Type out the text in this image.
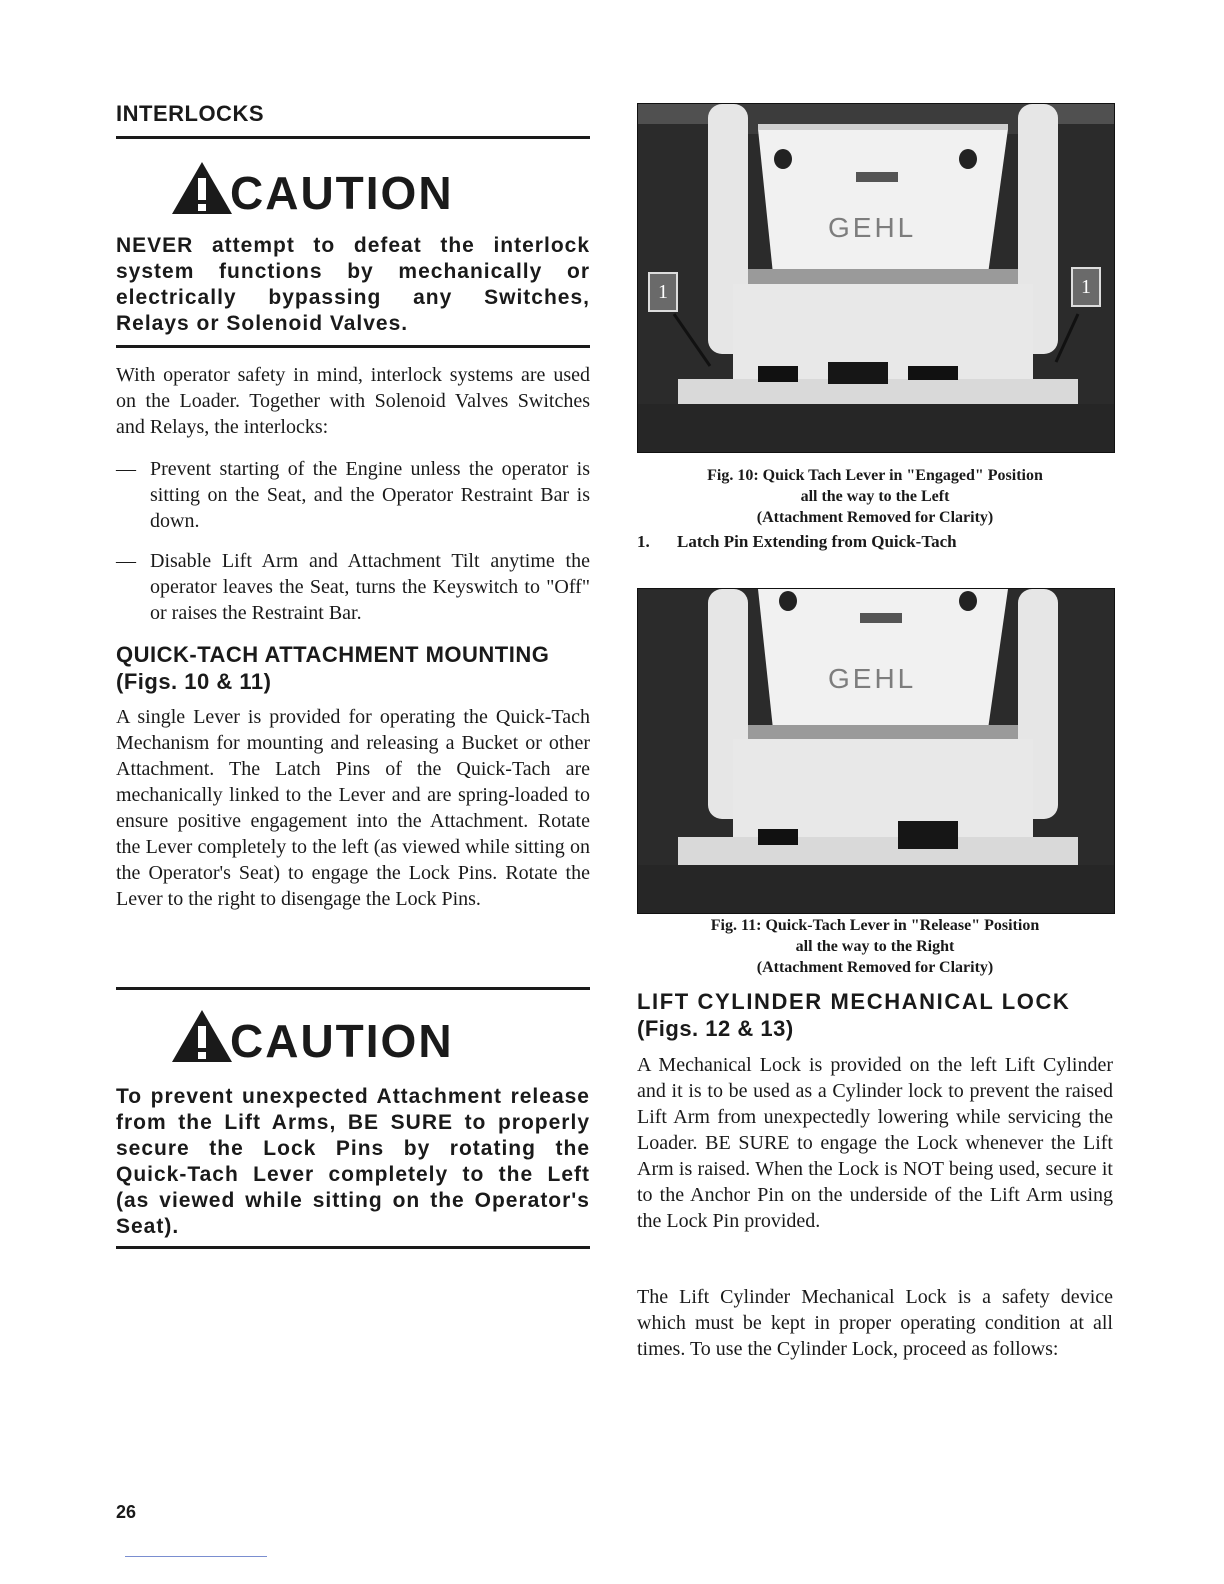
INTERLOCKS
CAUTION

NEVER attempt to defeat the interlock system functions by mechanically or electrically bypassing any Switches, Relays or Solenoid Valves.

With operator safety in mind, interlock systems are used on the Loader. Together with Solenoid Valves Switches and Relays, the interlocks:

— Prevent starting of the Engine unless the operator is sitting on the Seat, and the Operator Restraint Bar is down.
— Disable Lift Arm and Attachment Tilt anytime the operator leaves the Seat, turns the Keyswitch to "Off" or raises the Restraint Bar.
QUICK-TACH ATTACHMENT MOUNTING
(Figs. 10 & 11)

A single Lever is provided for operating the Quick-Tach Mechanism for mounting and releasing a Bucket or other Attachment. The Latch Pins of the Quick-Tach are mechanically linked to the Lever and are spring-loaded to ensure positive engagement into the Attachment. Rotate the Lever completely to the left (as viewed while sitting on the Operator's Seat) to engage the Lock Pins. Rotate the Lever to the right to disengage the Lock Pins.

CAUTION

To prevent unexpected Attachment release from the Lift Arms, BE SURE to properly secure the Lock Pins by rotating the Quick-Tach Lever completely to the Left (as viewed while sitting on the Operator's Seat).

26
GEHL
1	1
Fig. 10: Quick Tach Lever in "Engaged" Position
all the way to the Left
(Attachment Removed for Clarity)
1.	Latch Pin Extending from Quick-Tach
GEHL
Fig. 11: Quick-Tach Lever in "Release" Position
all the way to the Right
(Attachment Removed for Clarity)
LIFT CYLINDER MECHANICAL LOCK
(Figs. 12 & 13)

A Mechanical Lock is provided on the left Lift Cylinder and it is to be used as a Cylinder lock to prevent the raised Lift Arm from unexpectedly lowering while servicing the Loader. BE SURE to engage the Lock whenever the Lift Arm is raised. When the Lock is NOT being used, secure it to the Anchor Pin on the underside of the Lift Arm using the Lock Pin provided.

The Lift Cylinder Mechanical Lock is a safety device which must be kept in proper operating condition at all times. To use the Cylinder Lock, proceed as follows:
